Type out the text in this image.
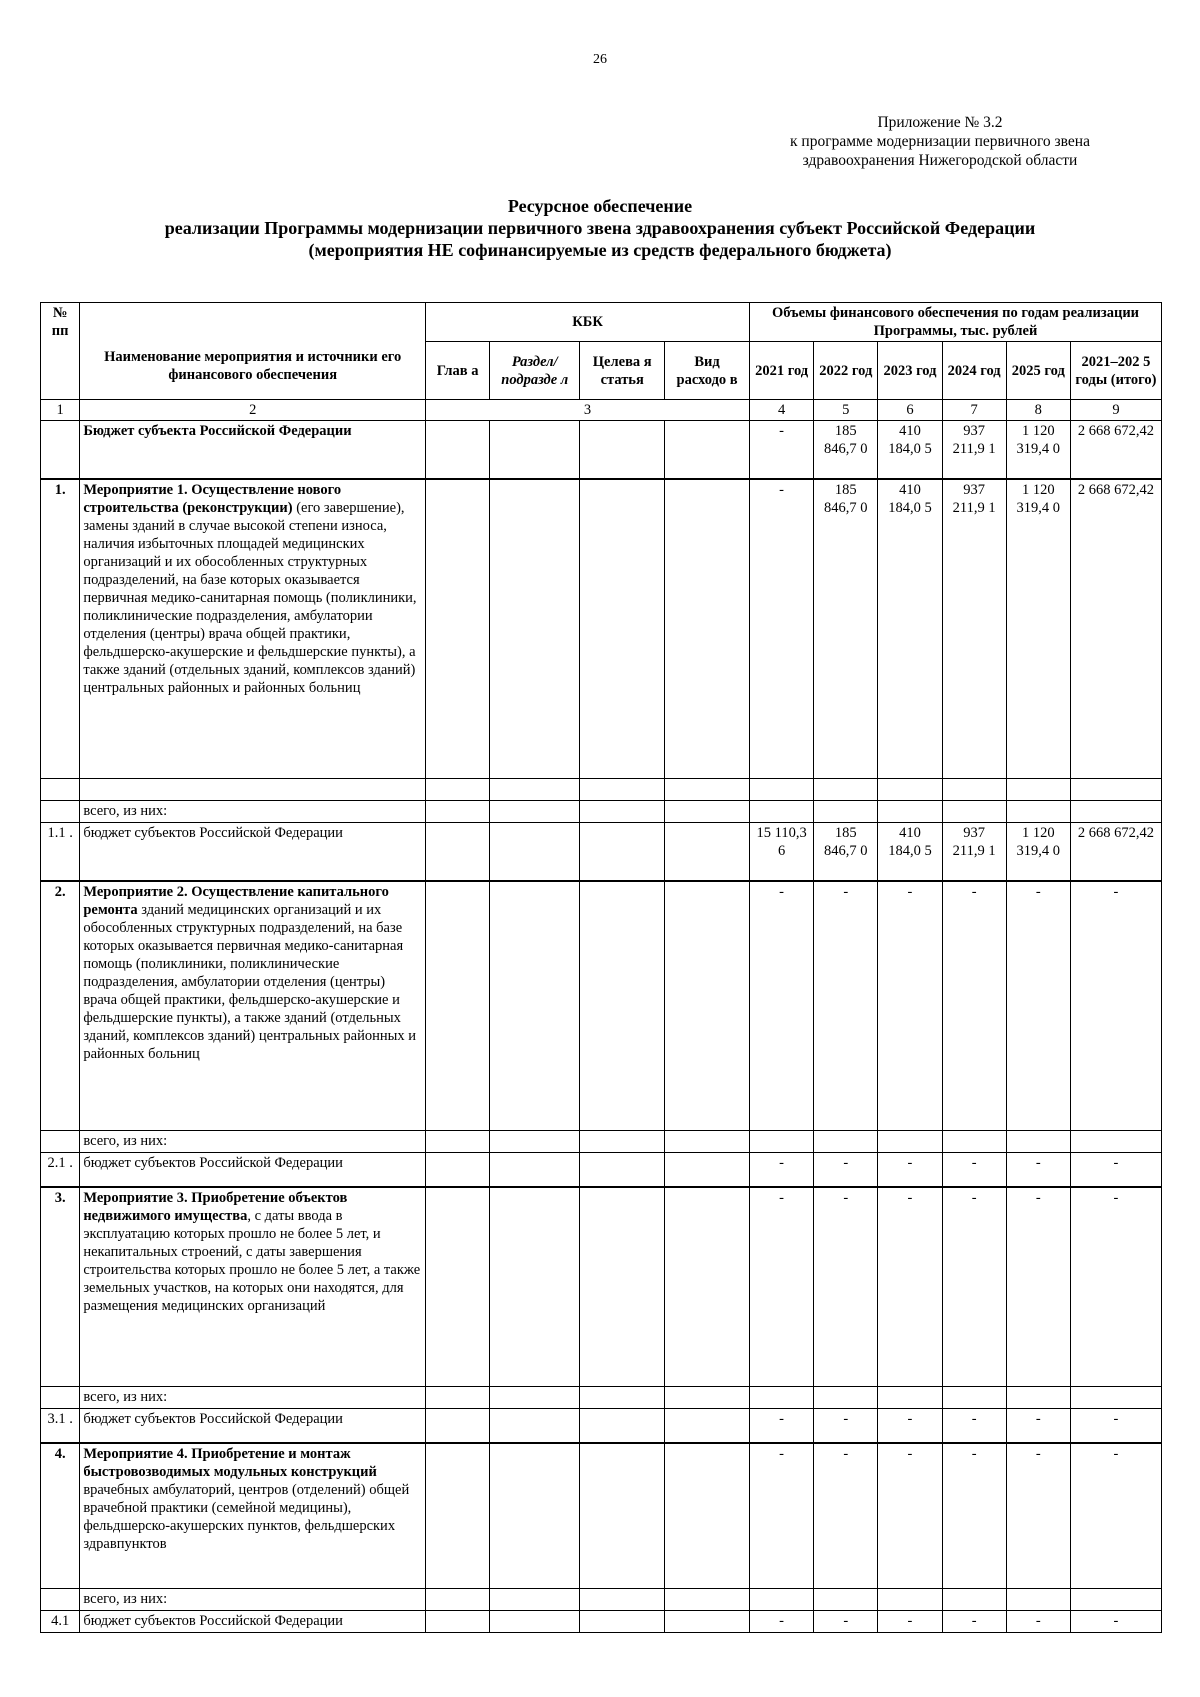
26
Приложение № 3.2
к программе модернизации первичного звена
здравоохранения Нижегородской области
Ресурсное обеспечение
реализации Программы модернизации первичного звена здравоохранения субъект Российской Федерации
(мероприятия НЕ софинансируемые из средств федерального бюджета)
№ пп	Наименование мероприятия и источники его финансового обеспечения	КБК				Объемы финансового обеспечения по годам реализации Программы, тыс. рублей					
		Глав а	Раздел/ подразде л	Целева я статья	Вид расходо в	2021 год	2022 год	2023 год	2024 год	2025 год	2021–202 5 годы (итого)
1	2	3				4	5	6	7	8	9
	Бюджет субъекта Российской Федерации					-	185 846,7 0	410 184,0 5	937 211,9 1	1 120 319,4 0	2 668 672,42
1.	Мероприятие 1. Осуществление нового строительства (реконструкции) (его завершение), замены зданий в случае высокой степени износа, наличия избыточных площадей медицинских организаций и их обособленных структурных подразделений, на базе которых оказывается первичная медико-санитарная помощь (поликлиники, поликлинические подразделения, амбулатории отделения (центры) врача общей практики, фельдшерско-акушерские и фельдшерские пункты), а также зданий (отдельных зданий, комплексов зданий) центральных районных и районных больниц					-	185 846,7 0	410 184,0 5	937 211,9 1	1 120 319,4 0	2 668 672,42

	всего, из них:										
1.1 .	бюджет субъектов Российской Федерации					15 110,3 6	185 846,7 0	410 184,0 5	937 211,9 1	1 120 319,4 0	2 668 672,42
2.	Мероприятие 2. Осуществление капитального ремонта зданий медицинских организаций и их обособленных структурных подразделений, на базе которых оказывается первичная медико-санитарная помощь (поликлиники, поликлинические подразделения, амбулатории отделения (центры) врача общей практики, фельдшерско-акушерские и фельдшерские пункты), а также зданий (отдельных зданий, комплексов зданий) центральных районных и районных больниц					-	-	-	-	-	-
	всего, из них:										
2.1 .	бюджет субъектов Российской Федерации					-	-	-	-	-	-
3.	Мероприятие 3. Приобретение объектов недвижимого имущества, с даты ввода в эксплуатацию которых прошло не более 5 лет, и некапитальных строений, с даты завершения строительства которых прошло не более 5 лет, а также земельных участков, на которых они находятся, для размещения медицинских организаций					-	-	-	-	-	-
	всего, из них:										
3.1 .	бюджет субъектов Российской Федерации					-	-	-	-	-	-
4.	Мероприятие 4. Приобретение и монтаж быстровозводимых модульных конструкций врачебных амбулаторий, центров (отделений) общей врачебной практики (семейной медицины), фельдшерско-акушерских пунктов, фельдшерских здравпунктов					-	-	-	-	-	-
	всего, из них:										
4.1	бюджет субъектов Российской Федерации					-	-	-	-	-	-
